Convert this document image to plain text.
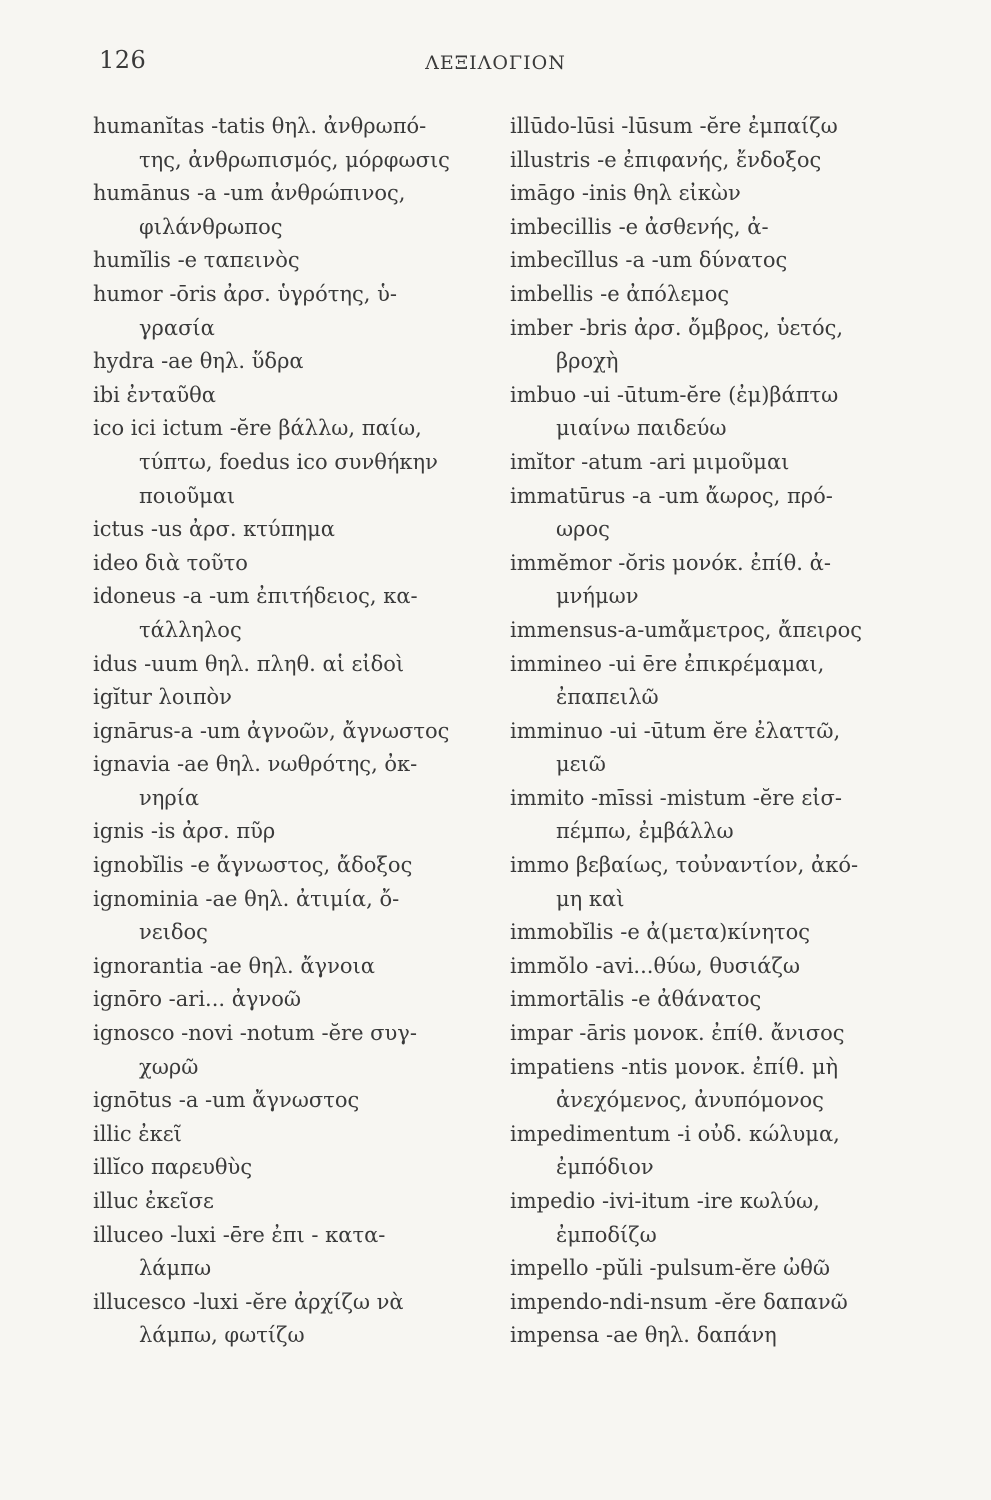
126	ΛΕΞΙΛΟΓΙΟΝ
humanĭtas -tatis θηλ. ἀνθρωπό-
της, ἀνθρωπισμός, μόρφωσις
humānus -a -um ἀνθρώπινος,
φιλάνθρωπος
humĭlis -e ταπεινὸς
humor -ōris ἀρσ. ὑγρότης, ὑ-
γρασία
hydra -ae θηλ. ὕδρα
ibi ἐνταῦθα
ico ici ictum -ĕre βάλλω, παίω,
τύπτω, foedus ico συνθήκην
ποιοῦμαι
ictus -us ἀρσ. κτύπημα
ideo διὰ τοῦτο
idoneus -a -um ἐπιτήδειος, κα-
τάλληλος
idus -uum θηλ. πληθ. αἱ εἰδοὶ
igĭtur λοιπὸν
ignārus-a -um ἀγνοῶν, ἄγνωστος
ignavia -ae θηλ. νωθρότης, ὀκ-
νηρία
ignis -is ἀρσ. πῦρ
ignobĭlis -e ἄγνωστος, ἄδοξος
ignominia -ae θηλ. ἀτιμία, ὄ-
νειδος
ignorantia -ae θηλ. ἄγνοια
ignōro -ari... ἀγνοῶ
ignosco -novi -notum -ĕre συγ-
χωρῶ
ignōtus -a -um ἄγνωστος
illic ἐκεῖ
illĭco παρευθὺς
illuc ἐκεῖσε
illuceo -luxi -ēre ἐπι - κατα-
λάμπω
illucesco -luxi -ĕre ἀρχίζω νὰ
λάμπω, φωτίζω
illūdo-lūsi -lūsum -ĕre ἐμπαίζω
illustris -e ἐπιφανής, ἔνδοξος
imāgo -inis θηλ εἰκὼν
imbecillis -e ἀσθενής, ἀ-
imbecĭllus -a -um δύνατος
imbellis -e ἀπόλεμος
imber -bris ἀρσ. ὄμβρος, ὑετός,
βροχὴ
imbuo -ui -ūtum-ĕre (ἐμ)βάπτω
μιαίνω παιδεύω
imĭtor -atum -ari μιμοῦμαι
immatūrus -a -um ἄωρος, πρό-
ωρος
immĕmor -ŏris μονόκ. ἐπίθ. ἀ-
μνήμων
immensus-a-umἄμετρος, ἄπειρος
immineo -ui ēre ἐπικρέμαμαι,
ἐπαπειλῶ
imminuo -ui -ūtum ĕre ἐλαττῶ,
μειῶ
immito -mīssi -mistum -ĕre εἰσ-
πέμπω, ἐμβάλλω
immo βεβαίως, τοὐναντίον, ἀκό-
μη καὶ
immobĭlis -e ἀ(μετα)κίνητος
immŏlo -avi...θύω, θυσιάζω
immortālis -e ἀθάνατος
impar -āris μονοκ. ἐπίθ. ἄνισος
impatiens -ntis μονοκ. ἐπίθ. μὴ
ἀνεχόμενος, ἀνυπόμονος
impedimentum -i οὐδ. κώλυμα,
ἐμπόδιον
impedio -ivi-itum -ire κωλύω,
ἐμποδίζω
impello -pŭli -pulsum-ĕre ὠθῶ
impendo-ndi-nsum -ĕre δαπανῶ
impensa -ae θηλ. δαπάνη
